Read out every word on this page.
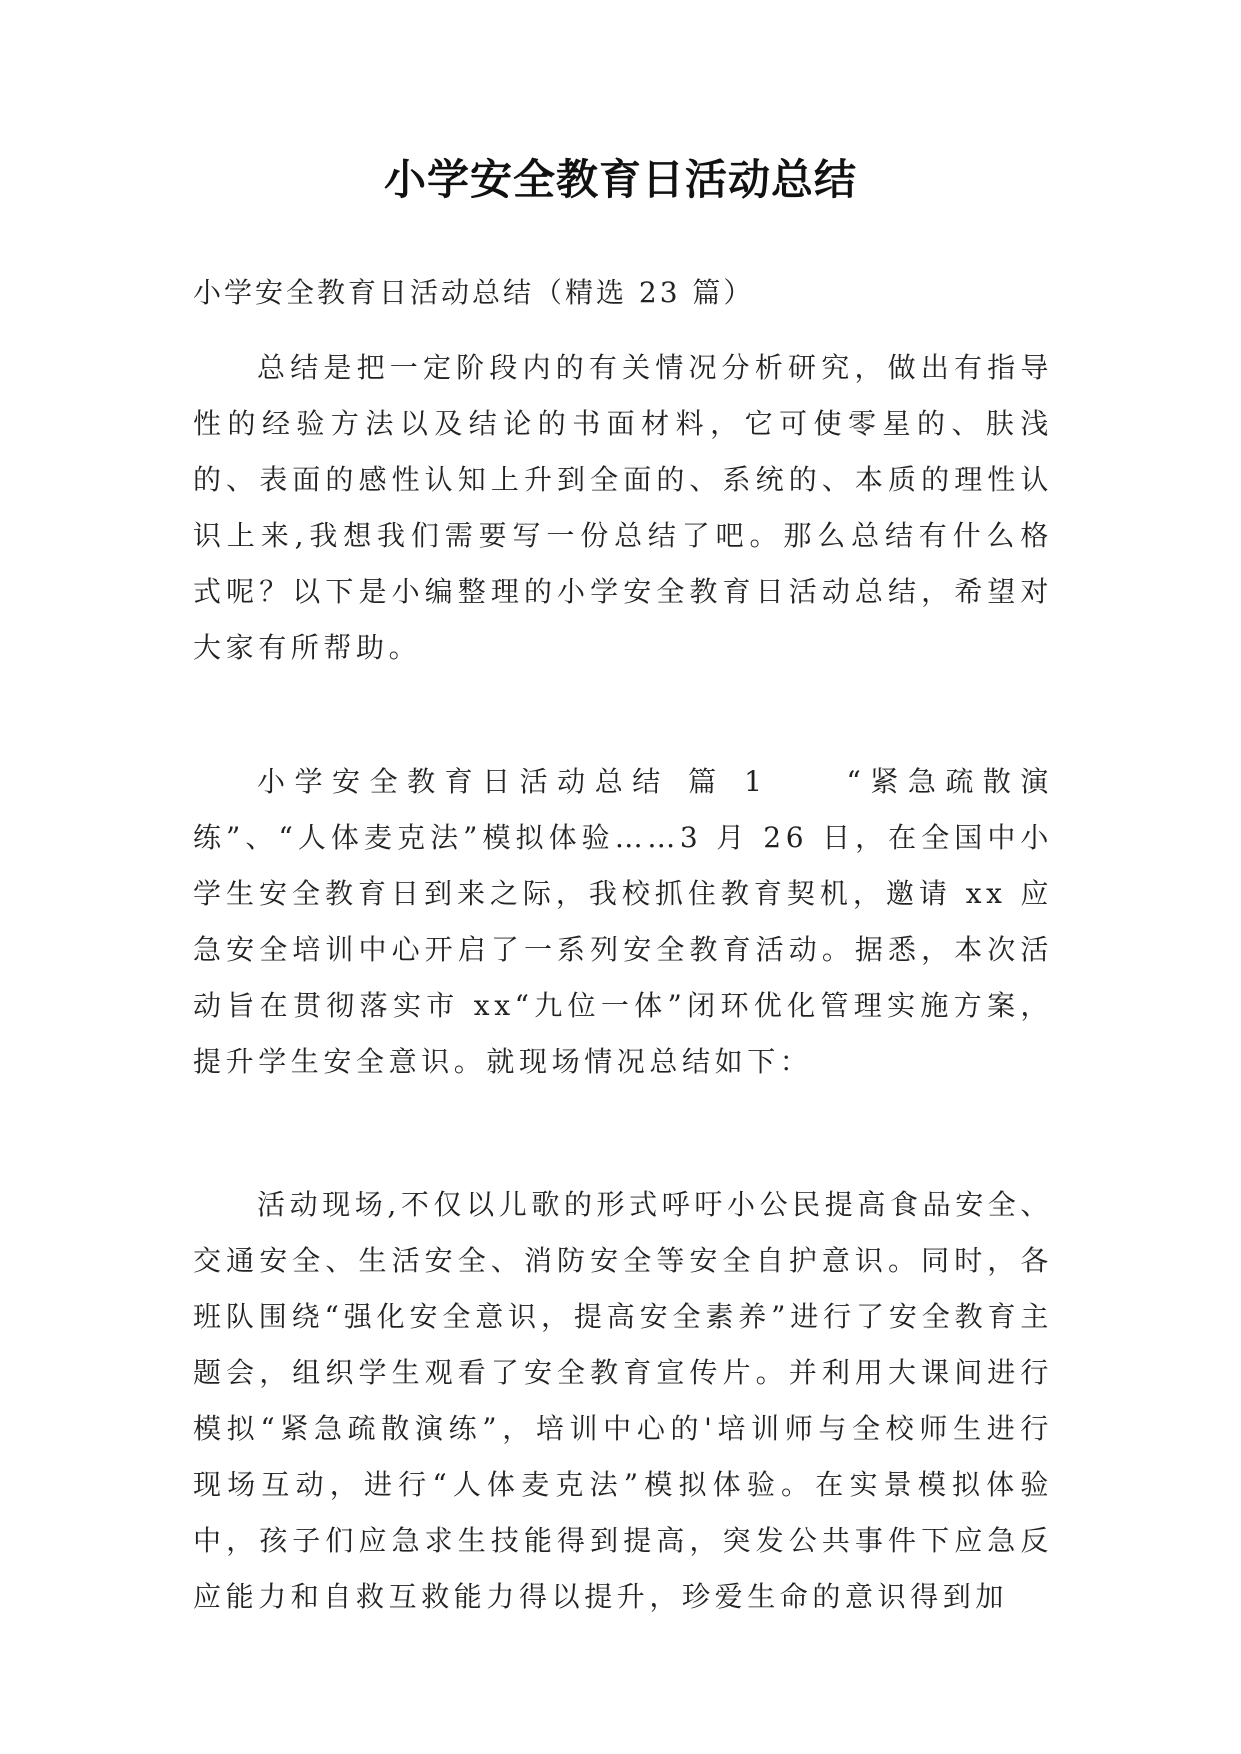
小学安全教育日活动总结

小学安全教育日活动总结（精选 23 篇）

总结是把一定阶段内的有关情况分析研究，做出有指导性的经验方法以及结论的书面材料，它可使零星的、肤浅的、表面的感性认知上升到全面的、系统的、本质的理性认识上来,我想我们需要写一份总结了吧。那么总结有什么格式呢？以下是小编整理的小学安全教育日活动总结，希望对大家有所帮助。

小学安全教育日活动总结 篇 1　　“紧急疏散演练”、“人体麦克法”模拟体验……3 月 26 日，在全国中小学生安全教育日到来之际，我校抓住教育契机，邀请 xx 应急安全培训中心开启了一系列安全教育活动。据悉，本次活动旨在贯彻落实市 xx“九位一体”闭环优化管理实施方案，提升学生安全意识。就现场情况总结如下：

活动现场,不仅以儿歌的形式呼吁小公民提高食品安全、交通安全、生活安全、消防安全等安全自护意识。同时，各班队围绕“强化安全意识，提高安全素养”进行了安全教育主题会，组织学生观看了安全教育宣传片。并利用大课间进行模拟“紧急疏散演练”，培训中心的'培训师与全校师生进行现场互动，进行“人体麦克法”模拟体验。在实景模拟体验中，孩子们应急求生技能得到提高，突发公共事件下应急反应能力和自救互救能力得以提升，珍爱生命的意识得到加
